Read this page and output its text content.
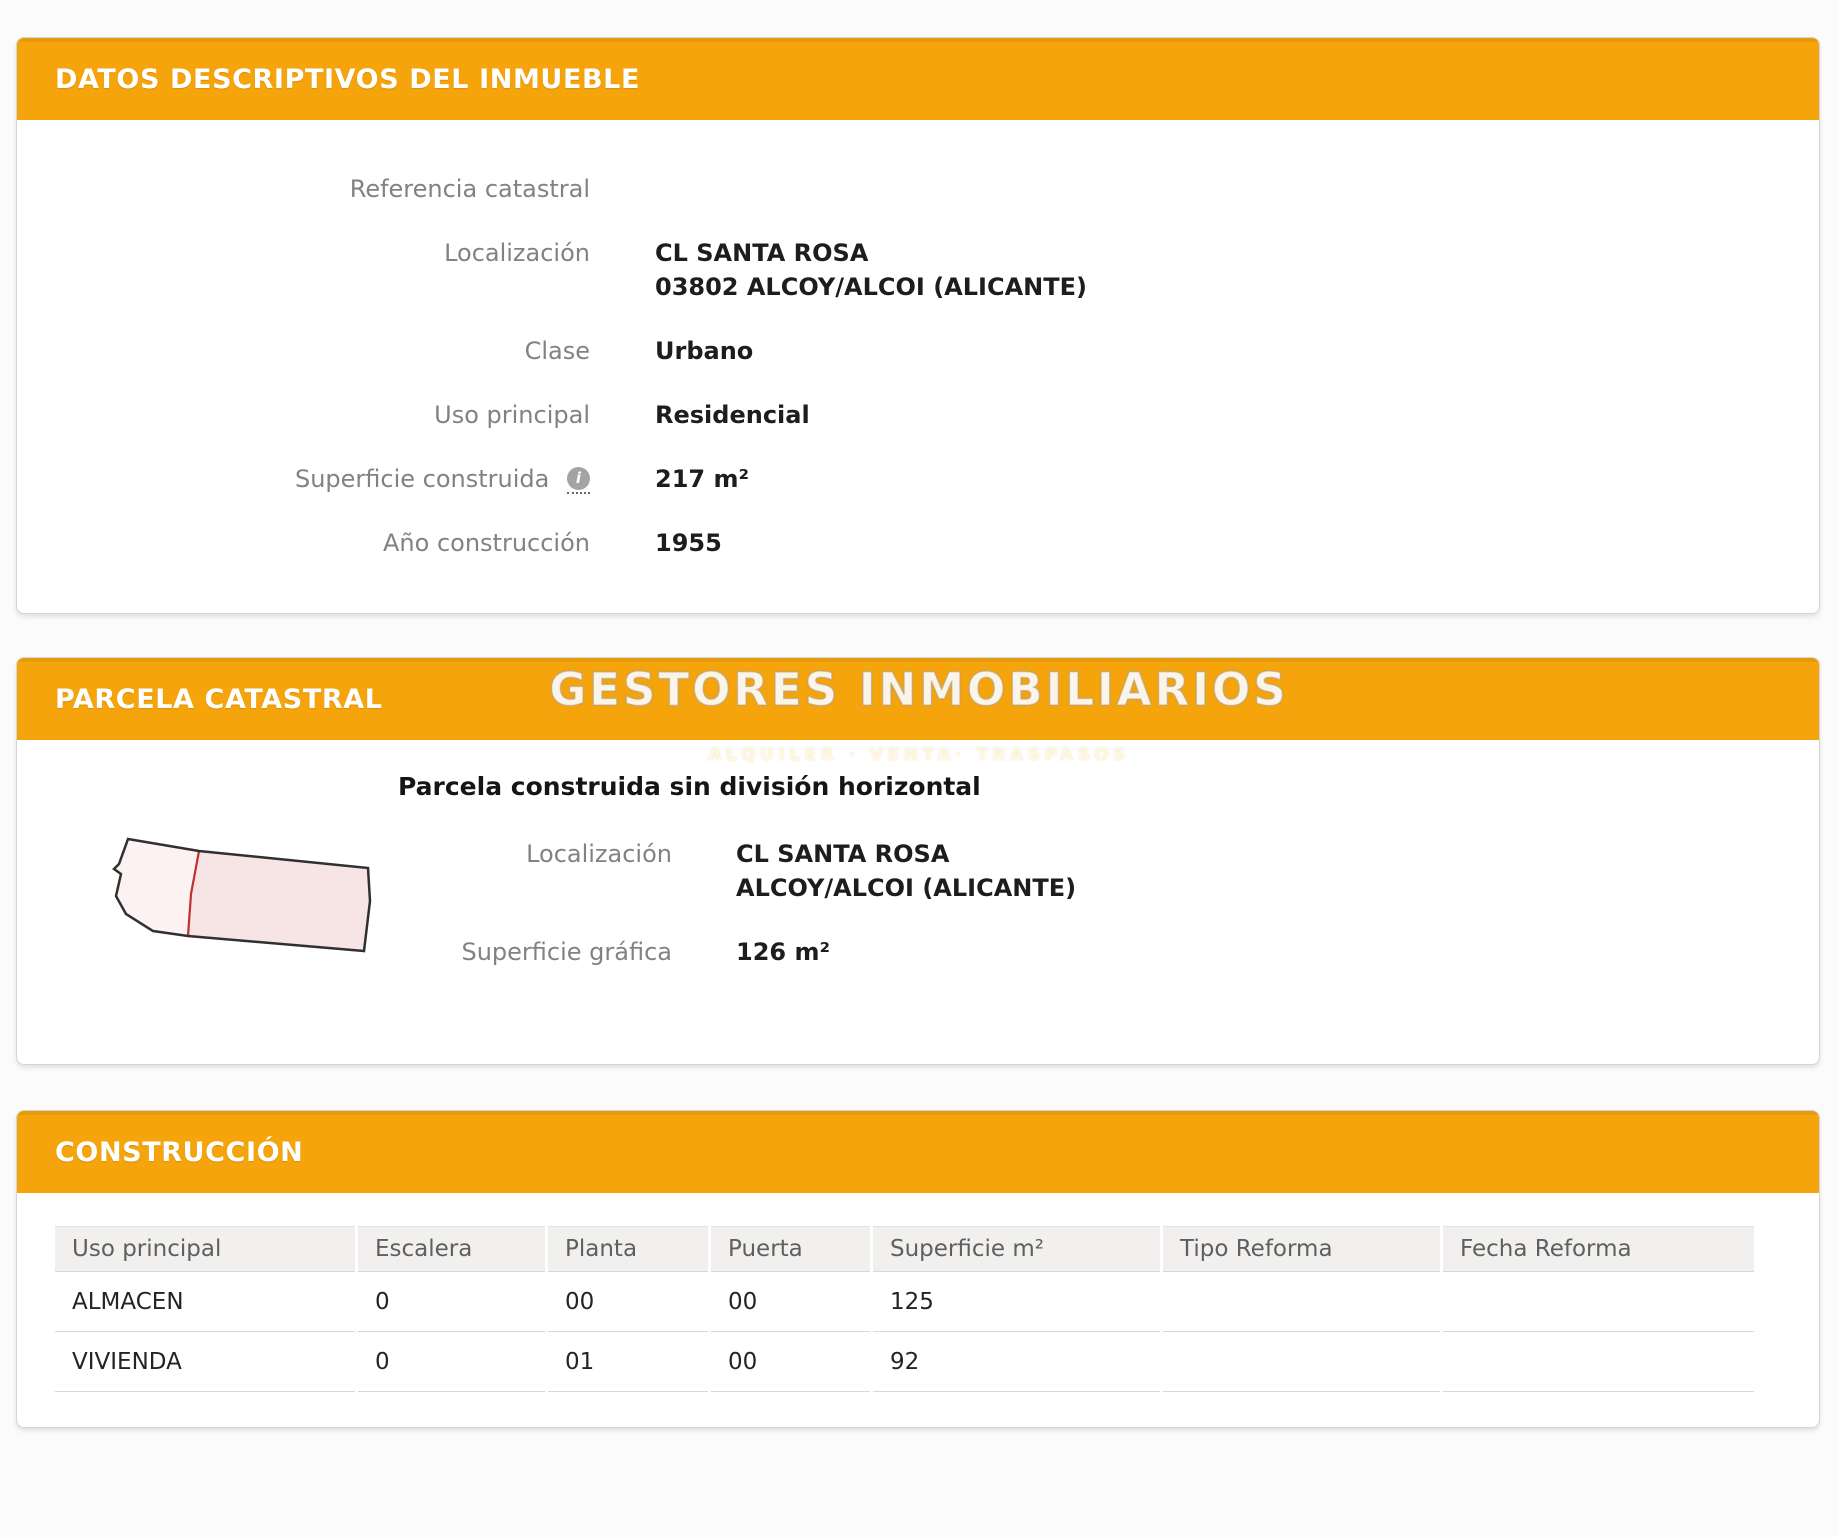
DATOS DESCRIPTIVOS DEL INMUEBLE
Referencia catastral
Localización	CL SANTA ROSA
03802 ALCOY/ALCOI (ALICANTE)
Clase	Urbano
Uso principal	Residencial
Superficie construida i	217 m²
Año construcción	1955
PARCELA CATASTRAL
Parcela construida sin división horizontal
Localización	CL SANTA ROSA
ALCOY/ALCOI (ALICANTE)
Superficie gráfica	126 m²
CONSTRUCCIÓN
Uso principal	Escalera	Planta	Puerta	Superficie m²	Tipo Reforma	Fecha Reforma
ALMACEN	0	00	00	125		
VIVIENDA	0	01	00	92		
GESTORES INMOBILIARIOS
ALQUILER · VENTA· TRASPASOS
